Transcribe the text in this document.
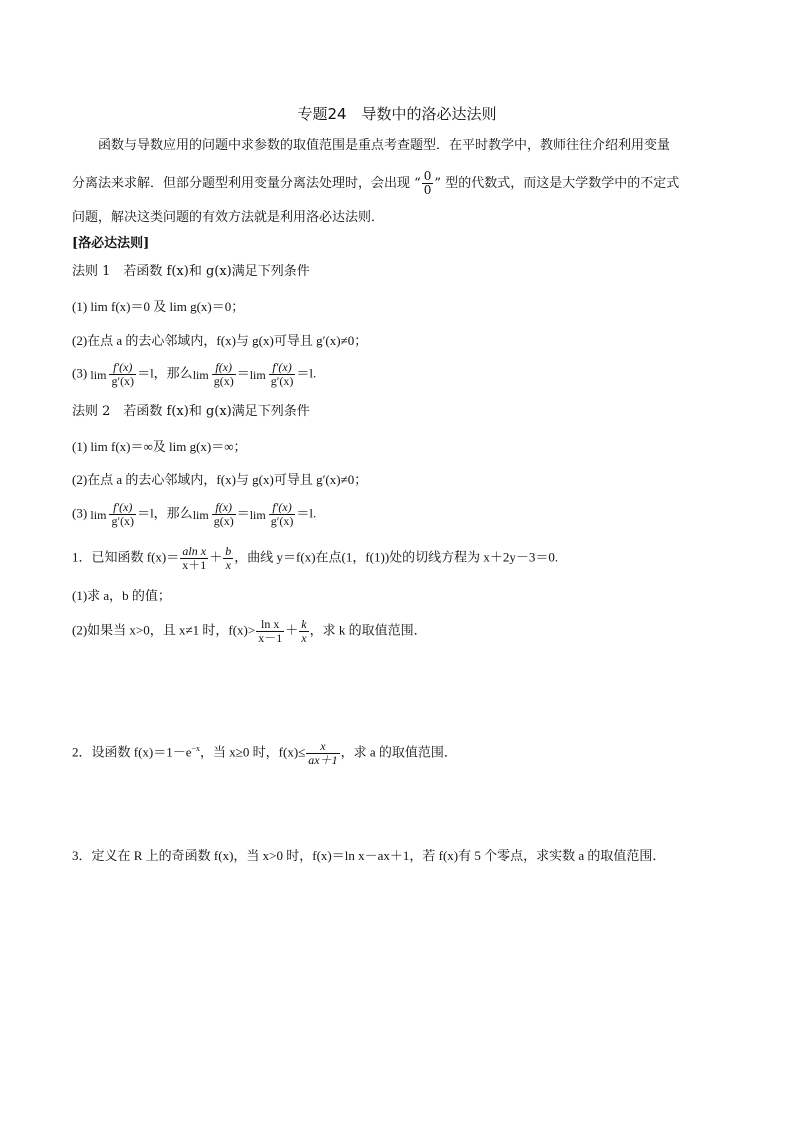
专题24　导数中的洛必达法则
函数与导数应用的问题中求参数的取值范围是重点考查题型．在平时教学中，教师往往介绍利用变量
分离法来求解．但部分题型利用变量分离法处理时，会出现 “ $\frac{0}{0}$ ” 型的代数式，而这是大学数学中的不定式
问题，解决这类问题的有效方法就是利用洛必达法则．
[洛必达法则]
法则 1　若函数 f(x)和 g(x)满足下列条件
(1) lim f(x)＝0 及 lim g(x)＝0；
(2)在点 a 的去心邻域内，f(x)与 g(x)可导且 g′(x)≠0；
(3) $\lim \frac{f'(x)}{g'(x)} =l$，那么$\lim \frac{f(x)}{g(x)} =\lim \frac{f'(x)}{g'(x)} =l$.
法则 2　若函数 f(x)和 g(x)满足下列条件
(1) lim f(x)＝∞及 lim g(x)＝∞；
(2)在点 a 的去心邻域内，f(x)与 g(x)可导且 g′(x)≠0；
(3) $\lim \frac{f'(x)}{g'(x)} =l$，那么$\lim \frac{f(x)}{g(x)} =\lim \frac{f'(x)}{g'(x)} =l$.
1．已知函数 $f(x)= \frac{\text{aln x}}{x+1} + \frac{b}{x}$ ，曲线 y＝f(x)在点(1，f(1))处的切线方程为 x＋2y－3＝0.
(1)求 a，b 的值；
(2)如果当 x>0，且 x≠1 时，$f(x)> \frac{\text{ln x}}{x-1} + \frac{k}{x}$ ，求 k 的取值范围．
2．设函数 $f(x)=1-e^{-x}$，当 x≥0 时，$f(x)\le \frac{x}{ax+1}$ ，求 a 的取值范围．
3．定义在 R 上的奇函数 f(x)，当 x>0 时，f(x)＝ln x－ax＋1，若 f(x)有 5 个零点，求实数 a 的取值范围．
